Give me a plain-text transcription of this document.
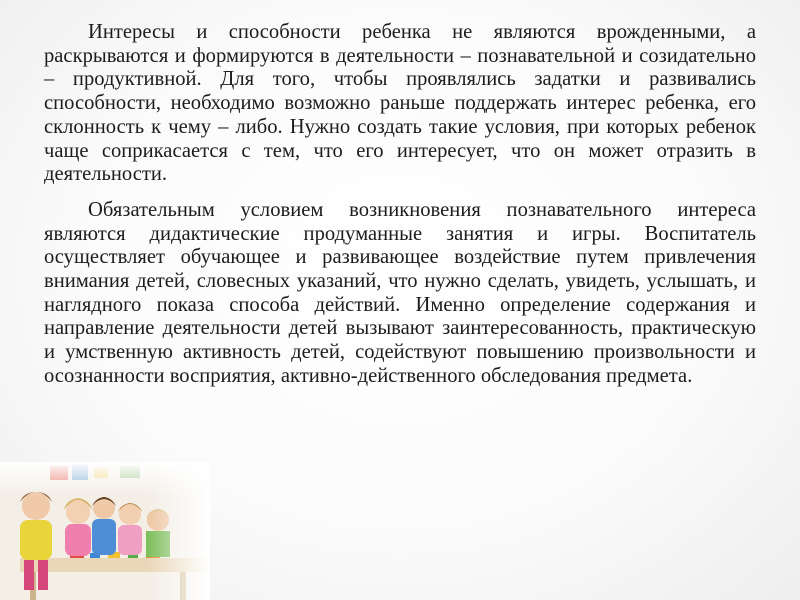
Интересы и способности ребенка не являются врожденными, а раскрываются и формируются в деятельности – познавательной и созидательно – продуктивной. Для того, чтобы проявлялись задатки и развивались способности, необходимо возможно раньше поддержать интерес ребенка, его склонность к чему – либо. Нужно создать такие условия, при которых ребенок чаще соприкасается с тем, что его интересует, что он может отразить в деятельности.

Обязательным условием возникновения познавательного интереса являются дидактические продуманные занятия и игры. Воспитатель осуществляет обучающее и развивающее воздействие путем привлечения внимания детей, словесных указаний, что нужно сделать, увидеть, услышать, и наглядного показа способа действий. Именно определение содержания и направление деятельности детей вызывают заинтересованность, практическую и умственную активность детей, содействуют повышению произвольности и осознанности восприятия, активно-действенного обследования предмета.
